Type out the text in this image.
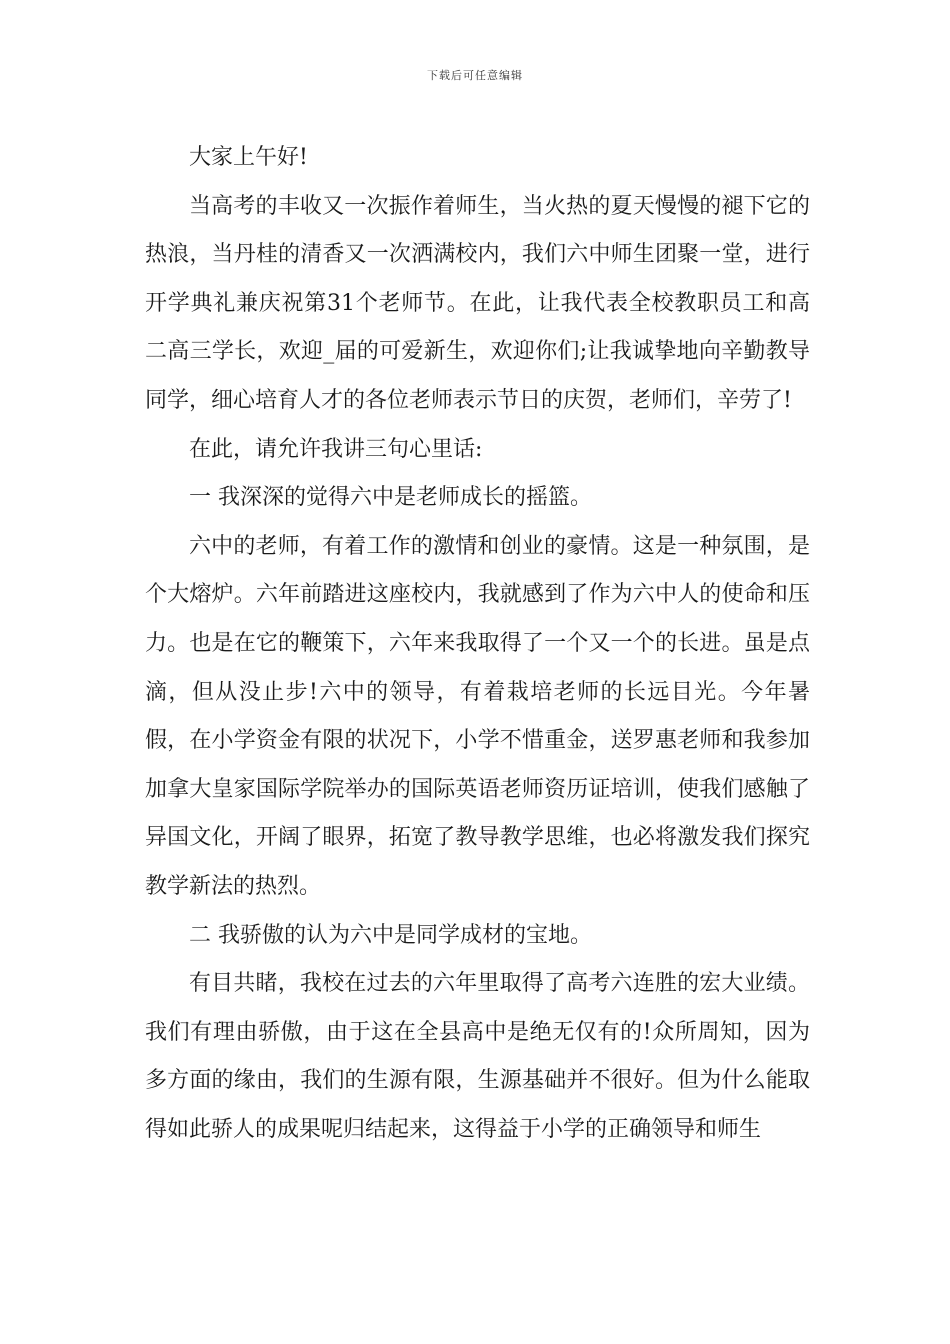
下载后可任意编辑

大家上午好!

当高考的丰收又一次振作着师生，当火热的夏天慢慢的褪下它的热浪，当丹桂的清香又一次洒满校内，我们六中师生团聚一堂，进行开学典礼兼庆祝第31个老师节。在此，让我代表全校教职员工和高二高三学长，欢迎_届的可爱新生，欢迎你们;让我诚挚地向辛勤教导同学，细心培育人才的各位老师表示节日的庆贺，老师们，辛劳了!

在此，请允许我讲三句心里话:

一 我深深的觉得六中是老师成长的摇篮。

六中的老师，有着工作的激情和创业的豪情。这是一种氛围，是个大熔炉。六年前踏进这座校内，我就感到了作为六中人的使命和压力。也是在它的鞭策下，六年来我取得了一个又一个的长进。虽是点滴，但从没止步!六中的领导，有着栽培老师的长远目光。今年暑假，在小学资金有限的状况下，小学不惜重金，送罗惠老师和我参加加拿大皇家国际学院举办的国际英语老师资历证培训，使我们感触了异国文化，开阔了眼界，拓宽了教导教学思维，也必将激发我们探究教学新法的热烈。

二 我骄傲的认为六中是同学成材的宝地。

有目共睹，我校在过去的六年里取得了高考六连胜的宏大业绩。我们有理由骄傲，由于这在全县高中是绝无仅有的!众所周知，因为多方面的缘由，我们的生源有限，生源基础并不很好。但为什么能取得如此骄人的成果呢归结起来，这得益于小学的正确领导和师生
